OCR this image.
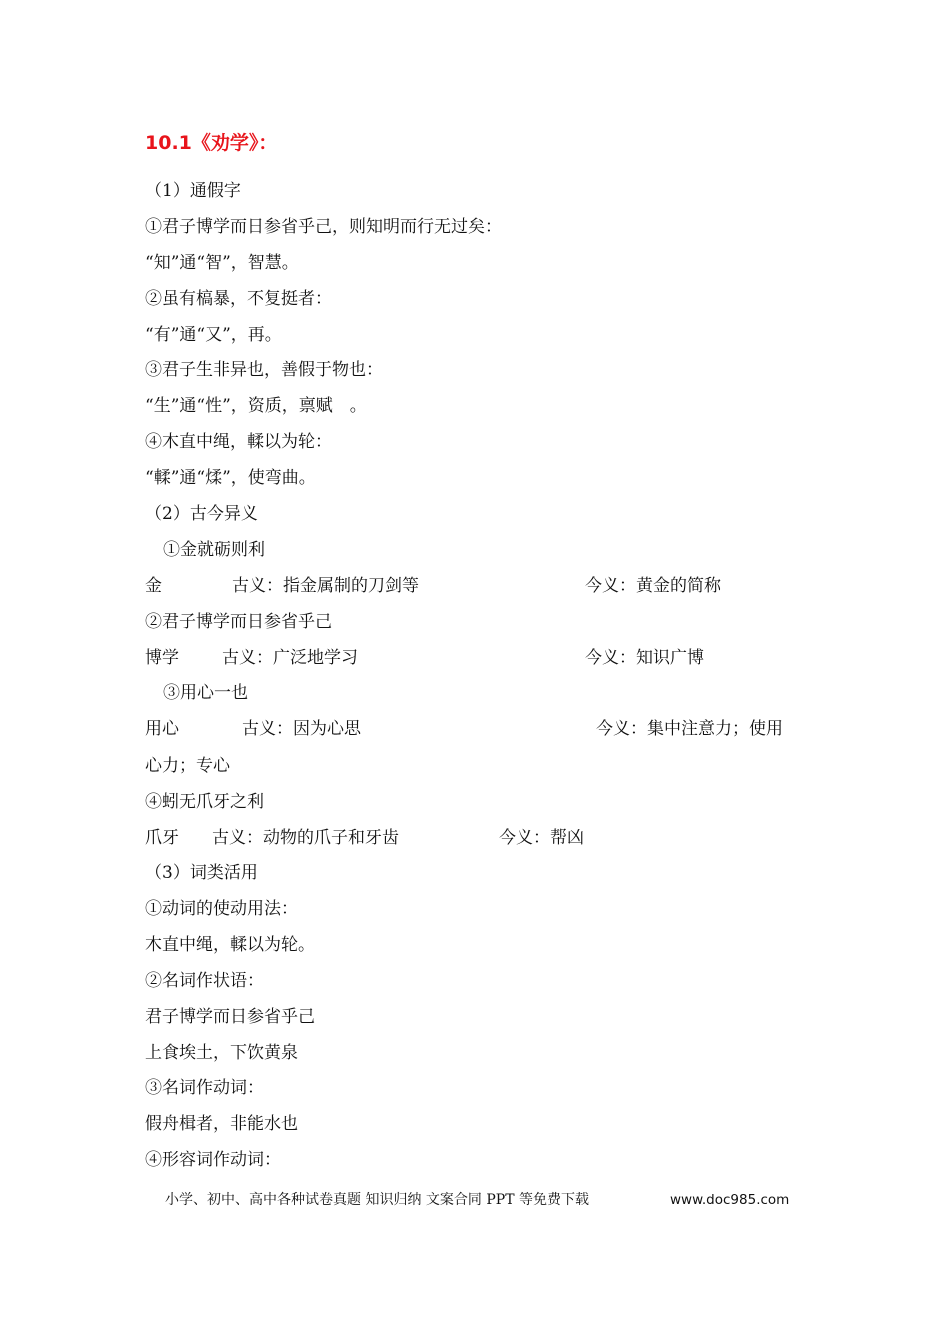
10.1《劝学》：
（1）通假字
①君子博学而日参省乎己，则知明而行无过矣：
“知”通“智”，智慧。
②虽有槁暴，不复挺者：
“有”通“又”，再。
③君子生非异也，善假于物也：
“生”通“性”，资质，禀赋　。
④木直中绳，輮以为轮：
“輮”通“煣”，使弯曲。
（2）古今异义
①金就砺则利
金	古义：指金属制的刀剑等	今义：黄金的简称
②君子博学而日参省乎己
博学	古义：广泛地学习	今义：知识广博
③用心一也
用心	古义：因为心思	今义：集中注意力；使用
心力；专心
④蚓无爪牙之利
爪牙 古义：动物的爪子和牙齿	今义：帮凶
（3）词类活用
①动词的使动用法：
木直中绳，輮以为轮。
②名词作状语：
君子博学而日参省乎己
上食埃土，下饮黄泉
③名词作动词：
假舟楫者，非能水也
④形容词作动词：
小学、初中、高中各种试卷真题 知识归纳 文案合同 PPT 等免费下载	www.doc985.com
